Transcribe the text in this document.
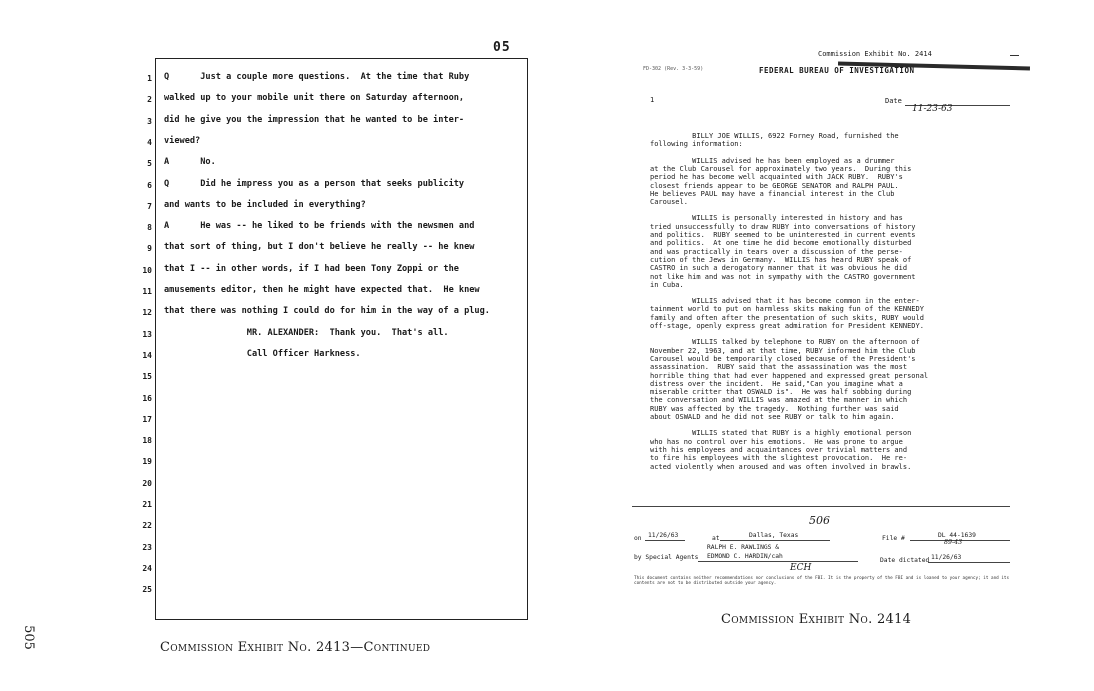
05
1
2
3
4
5
6
7
8
9
10
11
12
13
14
15
16
17
18
19
20
21
22
23
24
25
Q      Just a couple more questions.  At the time that Ruby
walked up to your mobile unit there on Saturday afternoon,
did he give you the impression that he wanted to be inter-
viewed?
A      No.
Q      Did he impress you as a person that seeks publicity
and wants to be included in everything?
A      He was -- he liked to be friends with the newsmen and
that sort of thing, but I don't believe he really -- he knew
that I -- in other words, if I had been Tony Zoppi or the
amusements editor, then he might have expected that.  He knew
that there was nothing I could do for him in the way of a plug.
MR. ALEXANDER:  Thank you.  That's all.
Call Officer Harkness.
Commission Exhibit No. 2413—Continued
505
Commission Exhibit No. 2414
FD-302 (Rev. 3-3-59)	FEDERAL BUREAU OF INVESTIGATION
1	Date
11-23-63
BILLY JOE WILLIS, 6922 Forney Road, furnished the
following information:
WILLIS advised he has been employed as a drummer
at the Club Carousel for approximately two years.  During this
period he has become well acquainted with JACK RUBY.  RUBY's
closest friends appear to be GEORGE SENATOR and RALPH PAUL.
He believes PAUL may have a financial interest in the Club
Carousel.
WILLIS is personally interested in history and has
tried unsuccessfully to draw RUBY into conversations of history
and politics.  RUBY seemed to be uninterested in current events
and politics.  At one time he did become emotionally disturbed
and was practically in tears over a discussion of the perse-
cution of the Jews in Germany.  WILLIS has heard RUBY speak of
CASTRO in such a derogatory manner that it was obvious he did
not like him and was not in sympathy with the CASTRO government
in Cuba.
WILLIS advised that it has become common in the enter-
tainment world to put on harmless skits making fun of the KENNEDY
family and often after the presentation of such skits, RUBY would
off-stage, openly express great admiration for President KENNEDY.
WILLIS talked by telephone to RUBY on the afternoon of
November 22, 1963, and at that time, RUBY informed him the Club
Carousel would be temporarily closed because of the President's
assassination.  RUBY said that the assassination was the most
horrible thing that had ever happened and expressed great personal
distress over the incident.  He said,"Can you imagine what a
miserable critter that OSWALD is".  He was half sobbing during
the conversation and WILLIS was amazed at the manner in which
RUBY was affected by the tragedy.  Nothing further was said
about OSWALD and he did not see RUBY or talk to him again.
WILLIS stated that RUBY is a highly emotional person
who has no control over his emotions.  He was prone to argue
with his employees and acquaintances over trivial matters and
to fire his employees with the slightest provocation.  He re-
acted violently when aroused and was often involved in brawls.
506
on 11/26/63	at	Dallas, Texas	File #	DL 44-1639
89-43
RALPH E. RAWLINGS &
by Special Agents EDMOND C. HARDIN/cah
Date dictated 11/26/63
ECH
This document contains neither recommendations nor conclusions of the FBI. It is the property of the FBI and is loaned to your agency; it and its contents are not to be distributed outside your agency.
Commission Exhibit No. 2414
